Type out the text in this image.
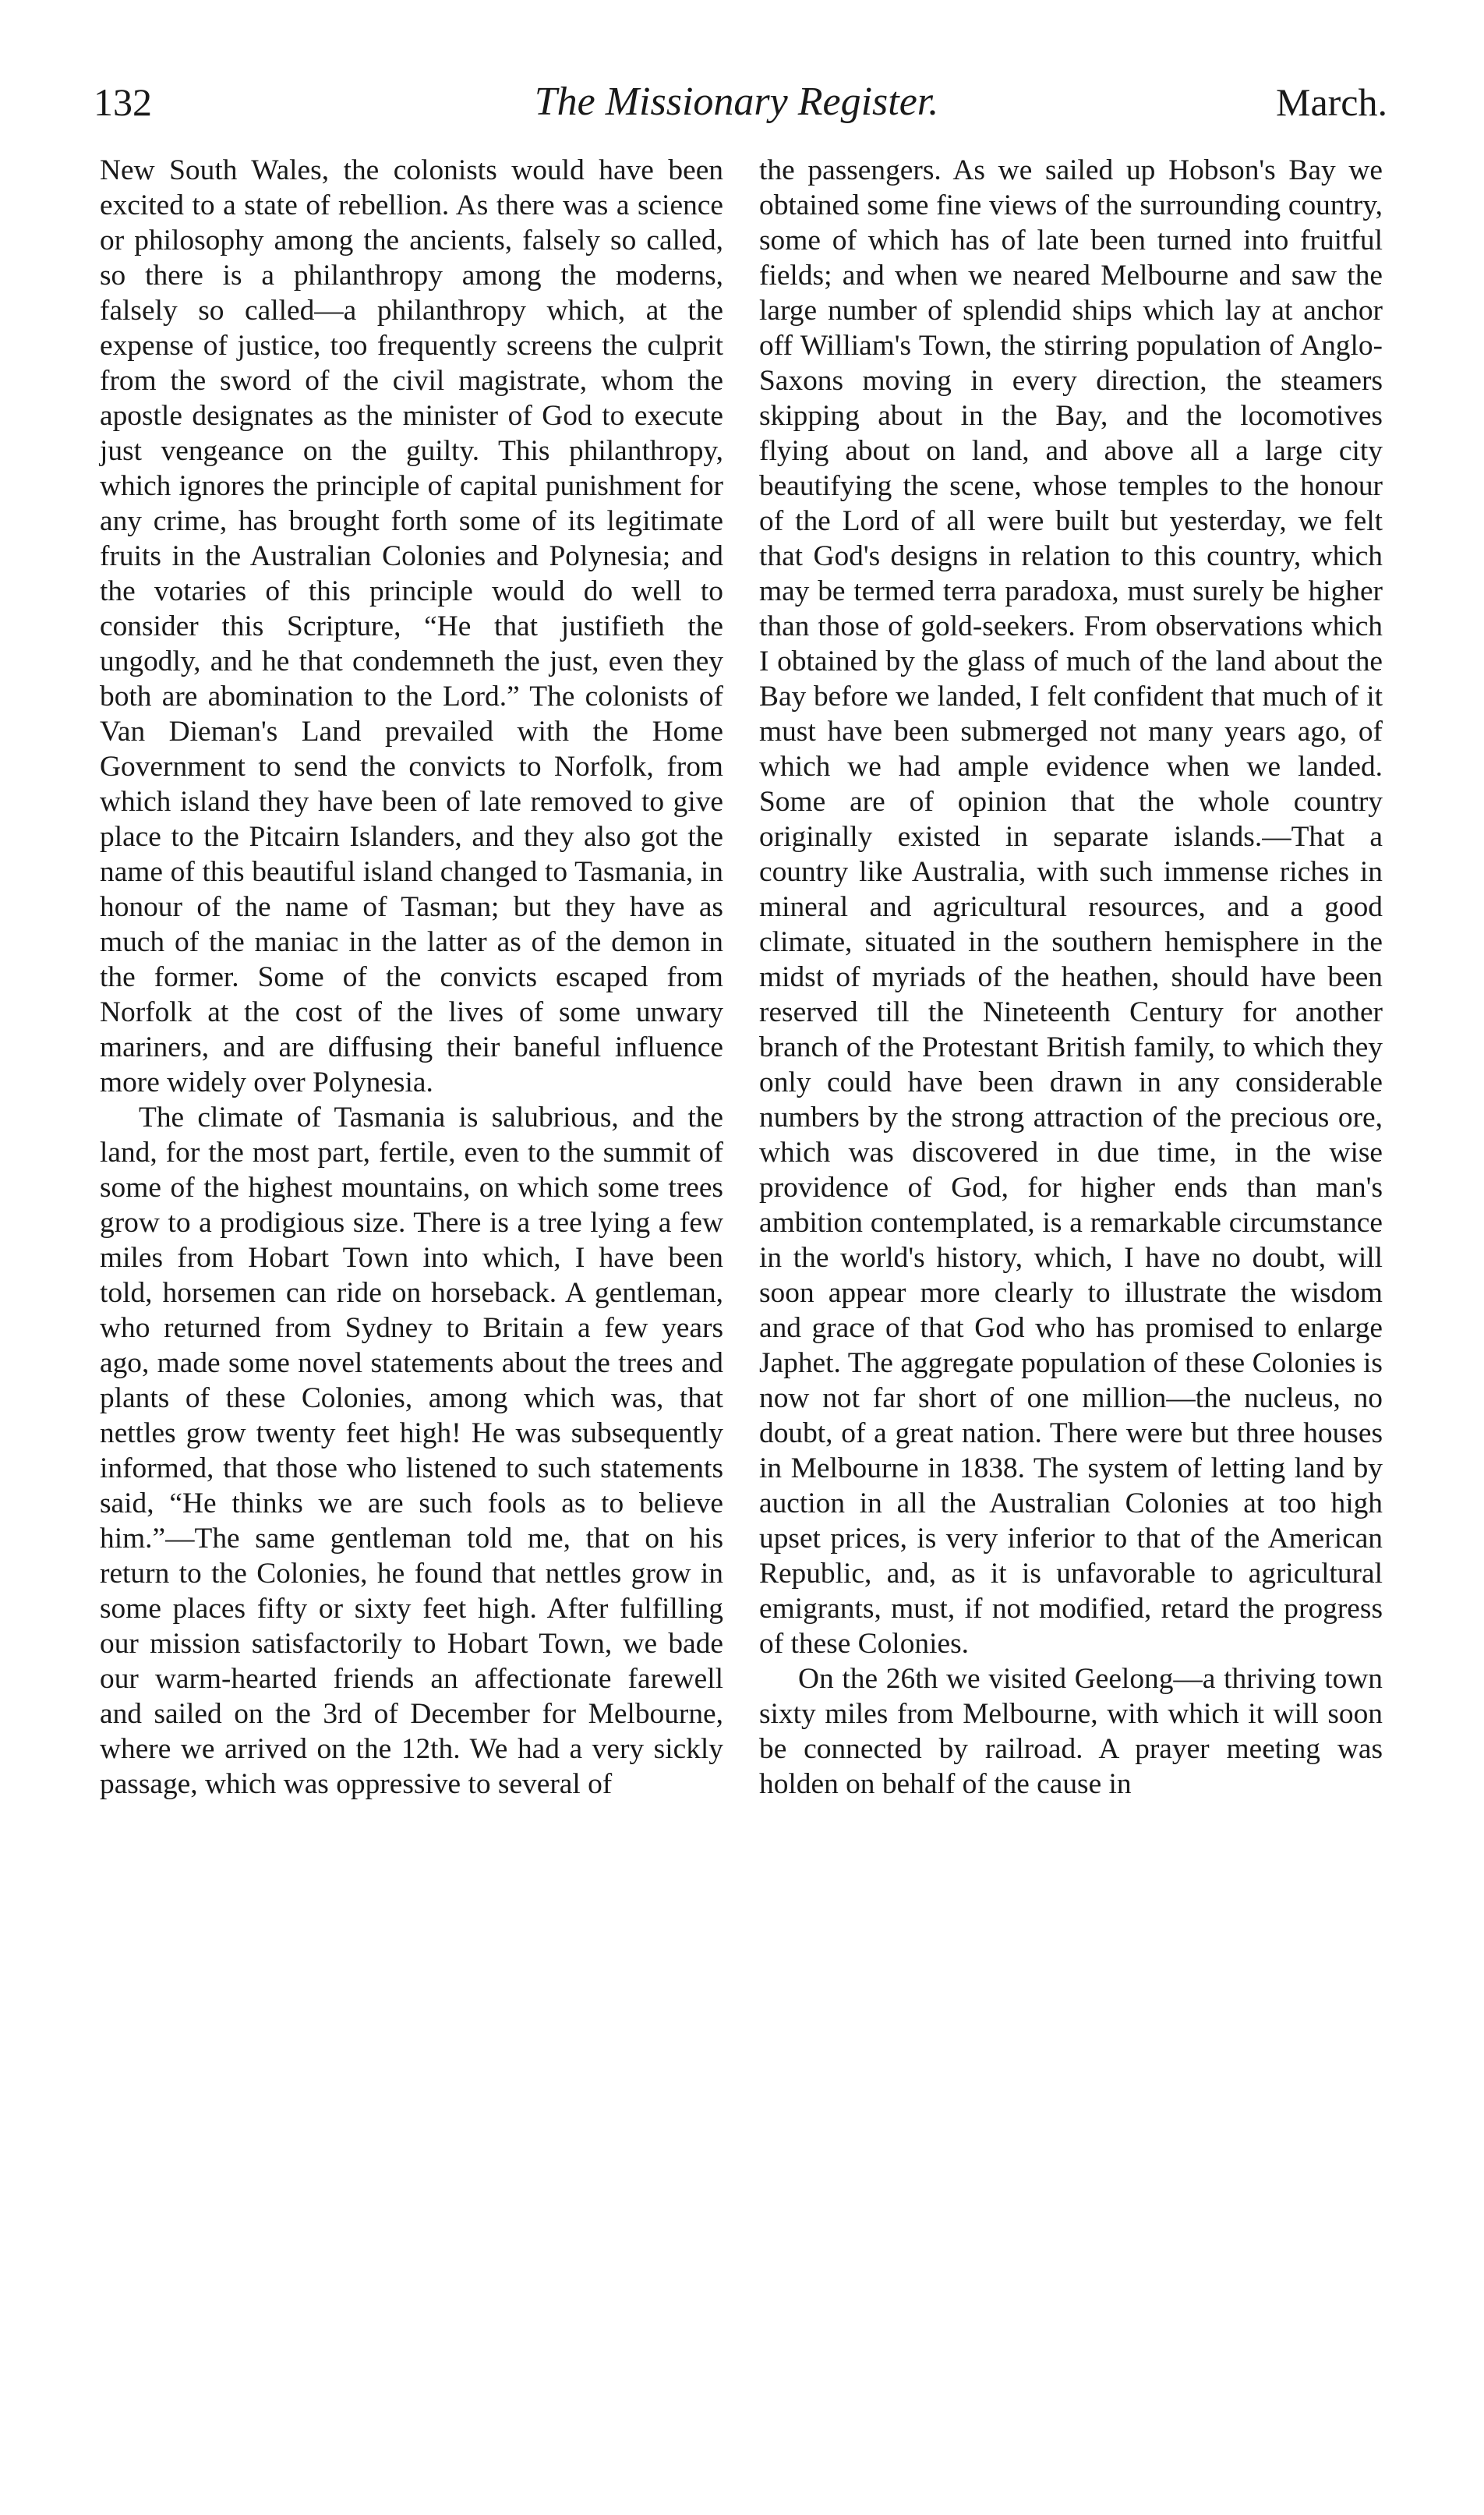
132	The Missionary Register.	March.

New South Wales, the colonists would have been excited to a state of rebellion. As there was a science or philosophy among the ancients, falsely so called, so there is a philanthropy among the moderns, falsely so called—a philanthropy which, at the expense of justice, too frequently screens the culprit from the sword of the civil magistrate, whom the apostle designates as the minister of God to execute just vengeance on the guilty. This philanthropy, which ignores the principle of capital punishment for any crime, has brought forth some of its legitimate fruits in the Australian Colonies and Polynesia; and the votaries of this principle would do well to consider this Scripture, “He that justifieth the ungodly, and he that condemneth the just, even they both are abomination to the Lord.” The colonists of Van Dieman's Land prevailed with the Home Government to send the convicts to Norfolk, from which island they have been of late removed to give place to the Pitcairn Islanders, and they also got the name of this beautiful island changed to Tasmania, in honour of the name of Tasman; but they have as much of the maniac in the latter as of the demon in the former. Some of the convicts escaped from Norfolk at the cost of the lives of some unwary mariners, and are diffusing their baneful influence more widely over Polynesia.

The climate of Tasmania is salubrious, and the land, for the most part, fertile, even to the summit of some of the highest mountains, on which some trees grow to a prodigious size. There is a tree lying a few miles from Hobart Town into which, I have been told, horsemen can ride on horseback. A gentleman, who returned from Sydney to Britain a few years ago, made some novel statements about the trees and plants of these Colonies, among which was, that nettles grow twenty feet high! He was subsequently informed, that those who listened to such statements said, “He thinks we are such fools as to believe him.”—The same gentleman told me, that on his return to the Colonies, he found that nettles grow in some places fifty or sixty feet high. After fulfilling our mission satisfactorily to Hobart Town, we bade our warm-hearted friends an affectionate farewell and sailed on the 3rd of December for Melbourne, where we arrived on the 12th. We had a very sickly passage, which was oppressive to several of

the passengers. As we sailed up Hobson's Bay we obtained some fine views of the surrounding country, some of which has of late been turned into fruitful fields; and when we neared Melbourne and saw the large number of splendid ships which lay at anchor off William's Town, the stirring population of Anglo-Saxons moving in every direction, the steamers skipping about in the Bay, and the locomotives flying about on land, and above all a large city beautifying the scene, whose temples to the honour of the Lord of all were built but yesterday, we felt that God's designs in relation to this country, which may be termed terra paradoxa, must surely be higher than those of gold-seekers. From observations which I obtained by the glass of much of the land about the Bay before we landed, I felt confident that much of it must have been submerged not many years ago, of which we had ample evidence when we landed. Some are of opinion that the whole country originally existed in separate islands.—That a country like Australia, with such immense riches in mineral and agricultural resources, and a good climate, situated in the southern hemisphere in the midst of myriads of the heathen, should have been reserved till the Nineteenth Century for another branch of the Protestant British family, to which they only could have been drawn in any considerable numbers by the strong attraction of the precious ore, which was discovered in due time, in the wise providence of God, for higher ends than man's ambition contemplated, is a remarkable circumstance in the world's history, which, I have no doubt, will soon appear more clearly to illustrate the wisdom and grace of that God who has promised to enlarge Japhet. The aggregate population of these Colonies is now not far short of one million—the nucleus, no doubt, of a great nation. There were but three houses in Melbourne in 1838. The system of letting land by auction in all the Australian Colonies at too high upset prices, is very inferior to that of the American Republic, and, as it is unfavorable to agricultural emigrants, must, if not modified, retard the progress of these Colonies.

On the 26th we visited Geelong—a thriving town sixty miles from Melbourne, with which it will soon be connected by railroad. A prayer meeting was holden on behalf of the cause in
